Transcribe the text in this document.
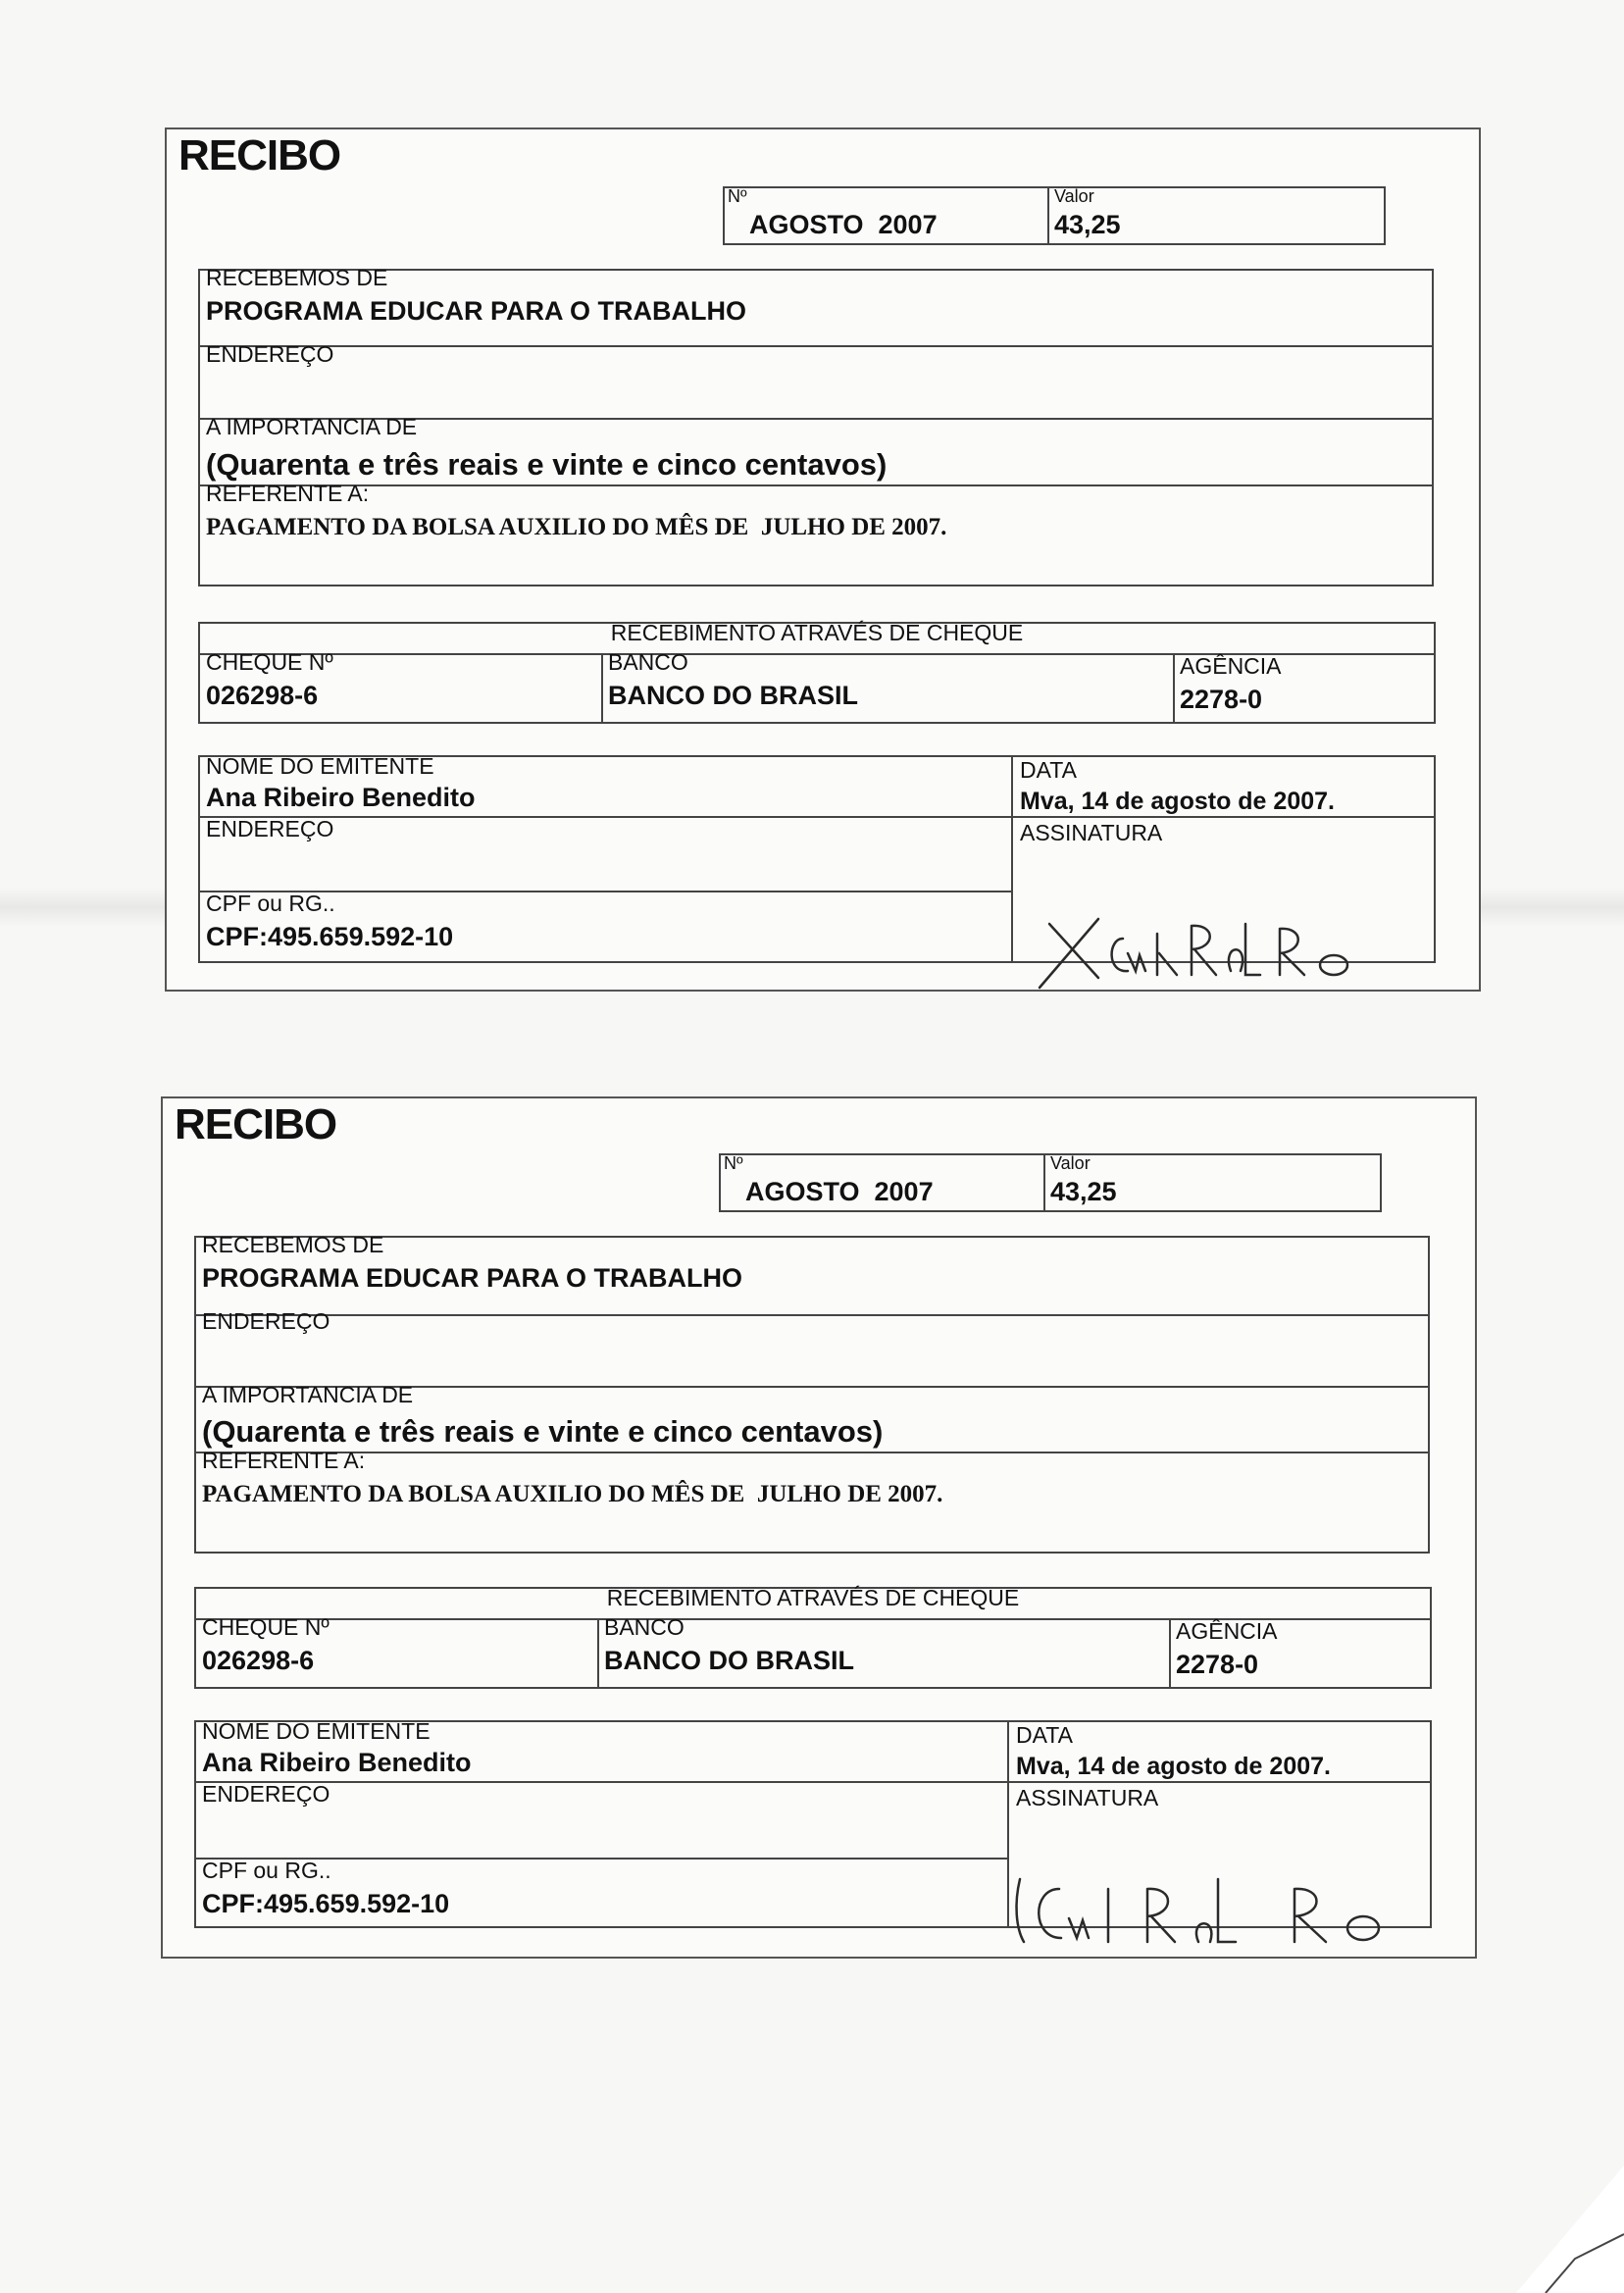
RECIBO
Nº
AGOSTO  2007
Valor
43,25
RECEBEMOS DE
PROGRAMA EDUCAR PARA O TRABALHO
ENDEREÇO
A IMPORTANCIA DE
(Quarenta e três reais e vinte e cinco centavos)
REFERENTE A:
PAGAMENTO DA BOLSA AUXILIO DO MÊS DE  JULHO DE 2007.
RECEBIMENTO ATRAVÉS DE CHEQUE
CHEQUE Nº
026298-6
BANCO
BANCO DO BRASIL
AGÊNCIA
2278-0
NOME DO EMITENTE
Ana Ribeiro Benedito
DATA
Mva, 14 de agosto de 2007.
ENDEREÇO	ASSINATURA
CPF ou RG..
CPF:495.659.592-10
RECIBO
Nº
AGOSTO  2007
Valor
43,25
RECEBEMOS DE
PROGRAMA EDUCAR PARA O TRABALHO
ENDEREÇO
A IMPORTANCIA DE
(Quarenta e três reais e vinte e cinco centavos)
REFERENTE A:
PAGAMENTO DA BOLSA AUXILIO DO MÊS DE  JULHO DE 2007.
RECEBIMENTO ATRAVÉS DE CHEQUE
CHEQUE Nº
026298-6
BANCO
BANCO DO BRASIL
AGÊNCIA
2278-0
NOME DO EMITENTE
Ana Ribeiro Benedito
DATA
Mva, 14 de agosto de 2007.
ENDEREÇO	ASSINATURA
CPF ou RG..
CPF:495.659.592-10
